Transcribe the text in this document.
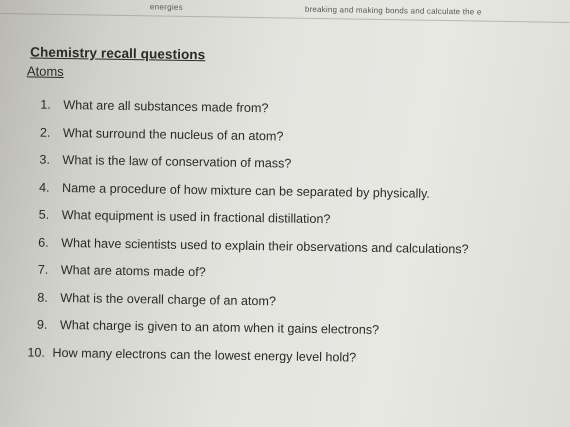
energies	breaking and making bonds and calculate the e
Chemistry recall questions
Atoms
1. What are all substances made from?
2. What surround the nucleus of an atom?
3. What is the law of conservation of mass?
4. Name a procedure of how mixture can be separated by physically.
5. What equipment is used in fractional distillation?
6. What have scientists used to explain their observations and calculations?
7. What are atoms made of?
8. What is the overall charge of an atom?
9. What charge is given to an atom when it gains electrons?
10. How many electrons can the lowest energy level hold?
